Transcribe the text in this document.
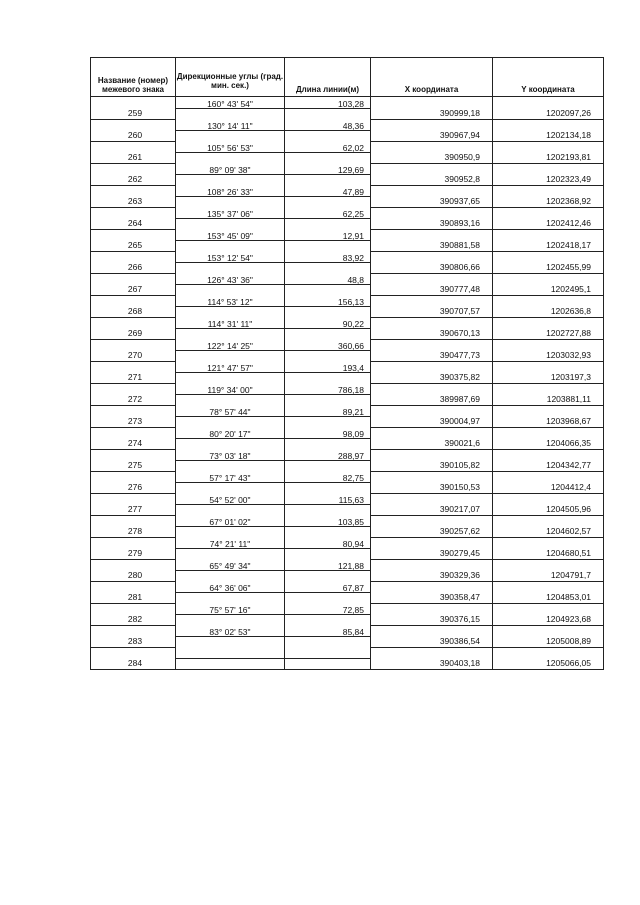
Название (номер) межевого знака	Дирекционные углы (град. мин. сек.)	Длина линии(м)	Х координата	Y координата

259	160° 43' 54"	103,28	390999,18	1202097,26

260	130° 14' 11"	48,36	390967,94	1202134,18

261	105° 56' 53"	62,02	390950,9	1202193,81

262	89° 09' 38"	129,69	390952,8	1202323,49

263	108° 26' 33"	47,89	390937,65	1202368,92

264	135° 37' 06"	62,25	390893,16	1202412,46

265	153° 45' 09"	12,91	390881,58	1202418,17

266	153° 12' 54"	83,92	390806,66	1202455,99

267	126° 43' 36"	48,8	390777,48	1202495,1

268	114° 53' 12"	156,13	390707,57	1202636,8

269	114° 31' 11"	90,22	390670,13	1202727,88

270	122° 14' 25"	360,66	390477,73	1203032,93

271	121° 47' 57"	193,4	390375,82	1203197,3

272	119° 34' 00"	786,18	389987,69	1203881,11

273	78° 57' 44"	89,21	390004,97	1203968,67

274	80° 20' 17"	98,09	390021,6	1204066,35

275	73° 03' 18"	288,97	390105,82	1204342,77

276	57° 17' 43"	82,75	390150,53	1204412,4

277	54° 52' 00"	115,63	390217,07	1204505,96

278	67° 01' 02"	103,85	390257,62	1204602,57

279	74° 21' 11"	80,94	390279,45	1204680,51

280	65° 49' 34"	121,88	390329,36	1204791,7

281	64° 36' 06"	67,87	390358,47	1204853,01

282	75° 57' 16"	72,85	390376,15	1204923,68

283	83° 02' 53"	85,84	390386,54	1205008,89

284			390403,18	1205066,05
